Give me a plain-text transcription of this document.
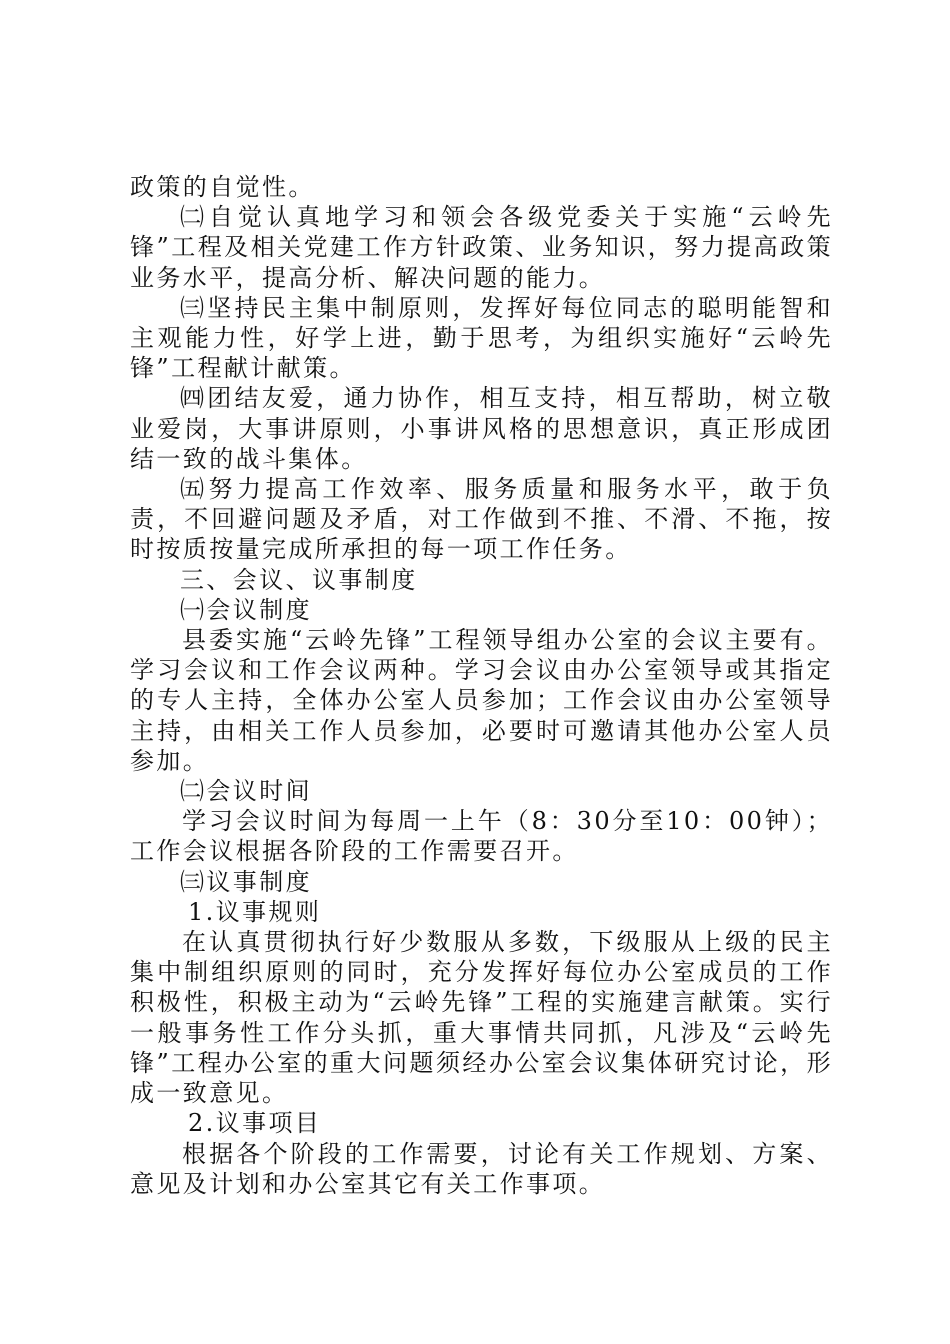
政策的自觉性。

㈡自觉认真地学习和领会各级党委关于实施“云岭先锋”工程及相关党建工作方针政策、业务知识，努力提高政策业务水平，提高分析、解决问题的能力。

㈢坚持民主集中制原则，发挥好每位同志的聪明能智和主观能力性，好学上进，勤于思考，为组织实施好“云岭先锋”工程献计献策。

㈣团结友爱，通力协作，相互支持，相互帮助，树立敬业爱岗，大事讲原则，小事讲风格的思想意识，真正形成团结一致的战斗集体。

㈤努力提高工作效率、服务质量和服务水平，敢于负责，不回避问题及矛盾，对工作做到不推、不滑、不拖，按时按质按量完成所承担的每一项工作任务。

三、会议、议事制度

㈠会议制度

县委实施“云岭先锋”工程领导组办公室的会议主要有。学习会议和工作会议两种。学习会议由办公室领导或其指定的专人主持，全体办公室人员参加；工作会议由办公室领导主持，由相关工作人员参加，必要时可邀请其他办公室人员参加。

㈡会议时间

学习会议时间为每周一上午（8：30分至10：00钟）；工作会议根据各阶段的工作需要召开。

㈢议事制度

1.议事规则

在认真贯彻执行好少数服从多数，下级服从上级的民主集中制组织原则的同时，充分发挥好每位办公室成员的工作积极性，积极主动为“云岭先锋”工程的实施建言献策。实行一般事务性工作分头抓，重大事情共同抓，凡涉及“云岭先锋”工程办公室的重大问题须经办公室会议集体研究讨论，形成一致意见。

2.议事项目

根据各个阶段的工作需要，讨论有关工作规划、方案、意见及计划和办公室其它有关工作事项。
